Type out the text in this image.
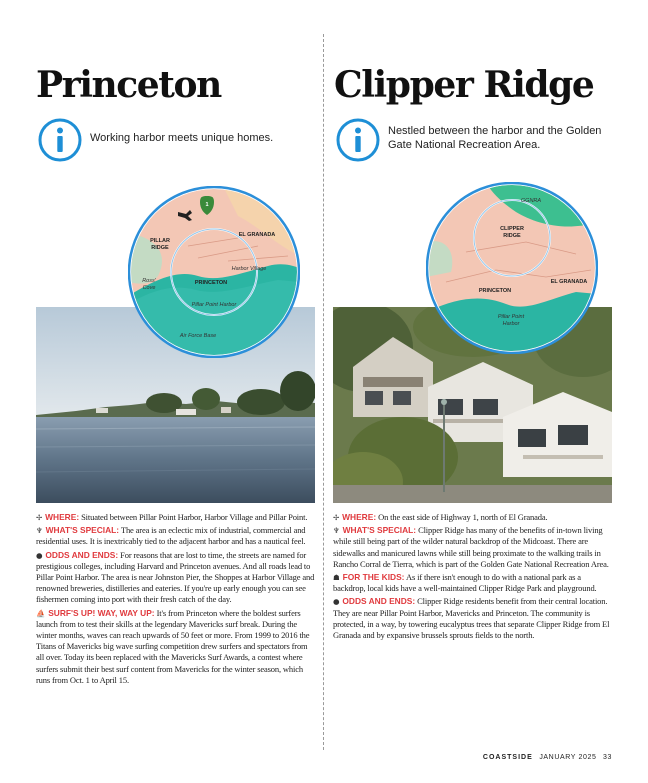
Princeton
Working harbor meets unique homes.
1
PILLAR
RIDGE
EL GRANADA
Harbor Village
PRINCETON
Ross'
Cove
Pillar Point Harbor
Air Force Base

✢ WHERE: Situated between Pillar Point Harbor, Harbor Village and Pillar Point.

♆ WHAT'S SPECIAL: The area is an eclectic mix of industrial, commercial and residential uses. It is inextricably tied to the adjacent harbor and has a nautical feel.

● ODDS AND ENDS: For reasons that are lost to time, the streets are named for prestigious colleges, including Harvard and Princeton avenues. And all roads lead to Pillar Point Harbor. The area is near Johnston Pier, the Shoppes at Harbor Village and renowned breweries, distilleries and eateries. If you're up early enough you can see fishermen coming into port with their fresh catch of the day.

⛵ SURF'S UP! WAY, WAY UP: It's from Princeton where the boldest surfers launch from to test their skills at the legendary Mavericks surf break. During the winter months, waves can reach upwards of 50 feet or more. From 1999 to 2016 the Titans of Mavericks big wave surfing competition drew surfers and spectators from all over. Today its been replaced with the Mavericks Surf Awards, a contest where surfers submit their best surf content from Mavericks for the winter season, which runs from Oct. 1 to April 15.

Clipper Ridge
Nestled between the harbor and the Golden Gate National Recreation Area.
GGNRA
CLIPPER
RIDGE
PRINCETON
EL GRANADA
Pillar Point
Harbor

✢ WHERE: On the east side of Highway 1, north of El Granada.

♆ WHAT'S SPECIAL: Clipper Ridge has many of the benefits of in-town living while still being part of the wilder natural backdrop of the Midcoast. There are sidewalks and manicured lawns while still being proximate to the walking trails in Rancho Corral de Tierra, which is part of the Golden Gate National Recreation Area.

☗ FOR THE KIDS: As if there isn't enough to do with a national park as a backdrop, local kids have a well-maintained Clipper Ridge Park and playground.

● ODDS AND ENDS: Clipper Ridge residents benefit from their central location. They are near Pillar Point Harbor, Mavericks and Princeton. The community is protected, in a way, by towering eucalyptus trees that separate Clipper Ridge from El Granada and by expansive brussels sprouts fields to the north.

COASTSIDE JANUARY 2025 33
